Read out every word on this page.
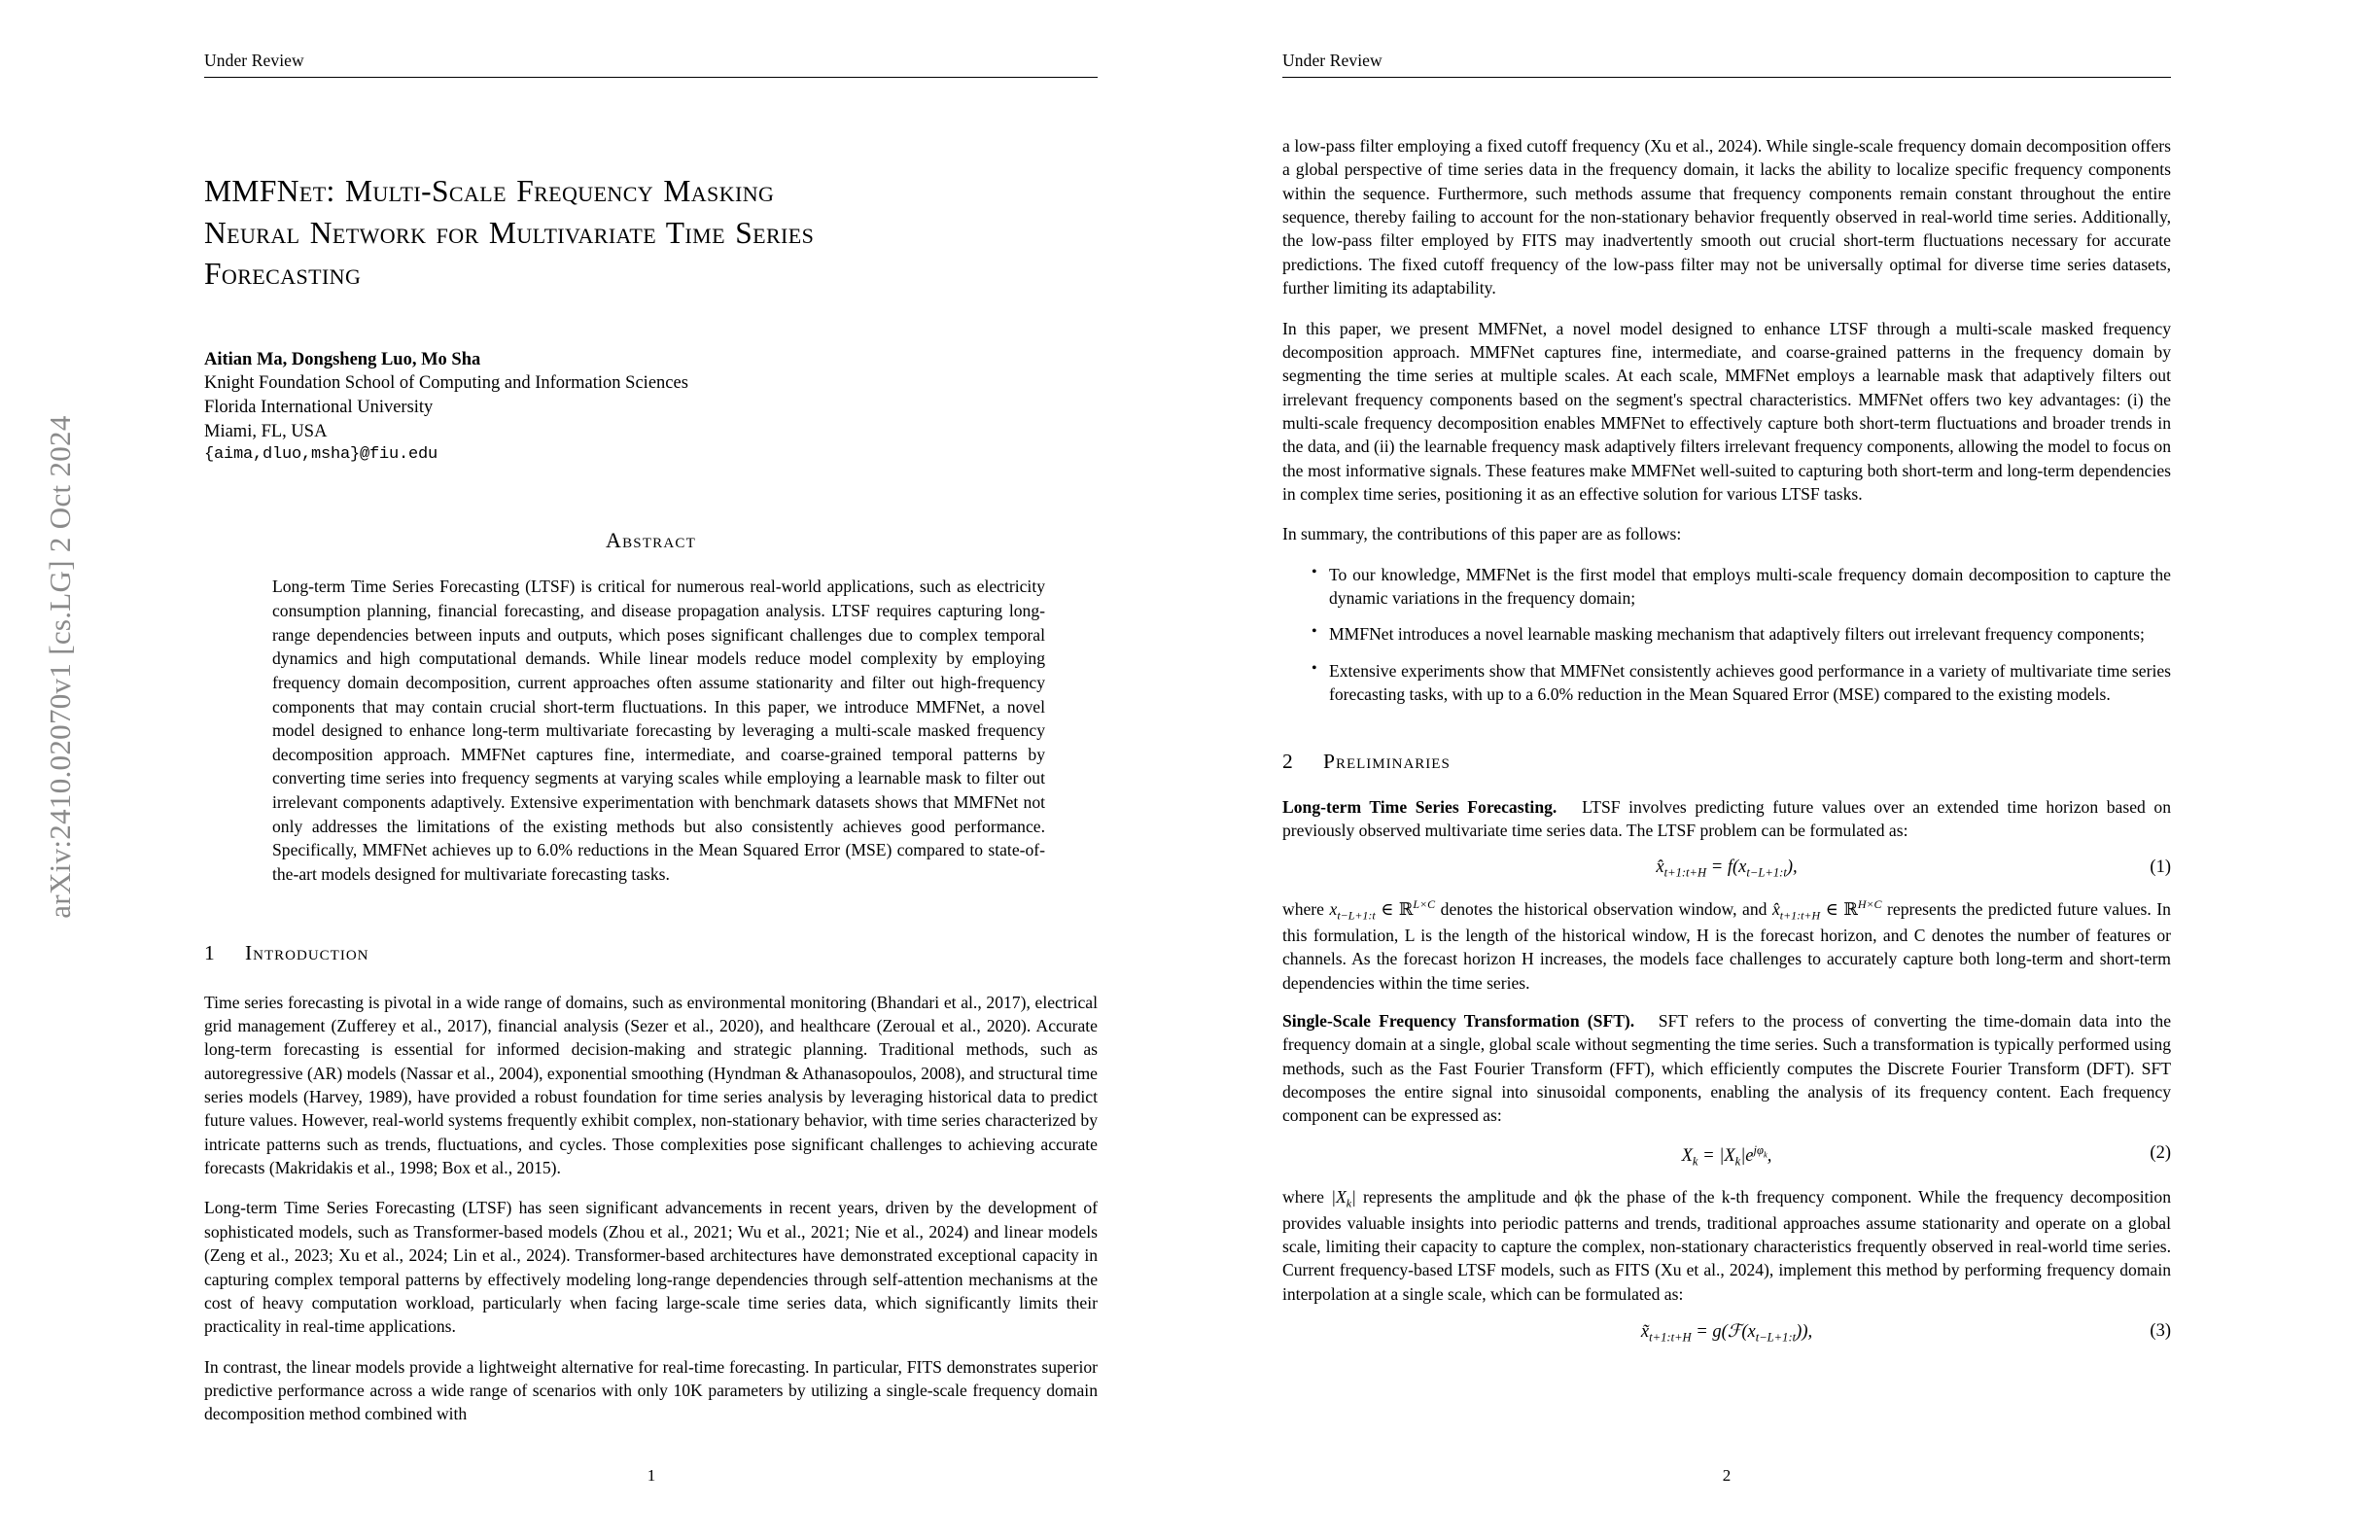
arXiv:2410.02070v1 [cs.LG] 2 Oct 2024
Under Review
MMFNet: Multi-Scale Frequency Masking
Neural Network for Multivariate Time Series
Forecasting
Aitian Ma, Dongsheng Luo, Mo Sha
Knight Foundation School of Computing and Information Sciences
Florida International University
Miami, FL, USA
{aima,dluo,msha}@fiu.edu
Abstract
Long-term Time Series Forecasting (LTSF) is critical for numerous real-world applications, such as electricity consumption planning, financial forecasting, and disease propagation analysis. LTSF requires capturing long-range dependencies between inputs and outputs, which poses significant challenges due to complex temporal dynamics and high computational demands. While linear models reduce model complexity by employing frequency domain decomposition, current approaches often assume stationarity and filter out high-frequency components that may contain crucial short-term fluctuations. In this paper, we introduce MMFNet, a novel model designed to enhance long-term multivariate forecasting by leveraging a multi-scale masked frequency decomposition approach. MMFNet captures fine, intermediate, and coarse-grained temporal patterns by converting time series into frequency segments at varying scales while employing a learnable mask to filter out irrelevant components adaptively. Extensive experimentation with benchmark datasets shows that MMFNet not only addresses the limitations of the existing methods but also consistently achieves good performance. Specifically, MMFNet achieves up to 6.0% reductions in the Mean Squared Error (MSE) compared to state-of-the-art models designed for multivariate forecasting tasks.
1 Introduction

Time series forecasting is pivotal in a wide range of domains, such as environmental monitoring (Bhandari et al., 2017), electrical grid management (Zufferey et al., 2017), financial analysis (Sezer et al., 2020), and healthcare (Zeroual et al., 2020). Accurate long-term forecasting is essential for informed decision-making and strategic planning. Traditional methods, such as autoregressive (AR) models (Nassar et al., 2004), exponential smoothing (Hyndman & Athanasopoulos, 2008), and structural time series models (Harvey, 1989), have provided a robust foundation for time series analysis by leveraging historical data to predict future values. However, real-world systems frequently exhibit complex, non-stationary behavior, with time series characterized by intricate patterns such as trends, fluctuations, and cycles. Those complexities pose significant challenges to achieving accurate forecasts (Makridakis et al., 1998; Box et al., 2015).

Long-term Time Series Forecasting (LTSF) has seen significant advancements in recent years, driven by the development of sophisticated models, such as Transformer-based models (Zhou et al., 2021; Wu et al., 2021; Nie et al., 2024) and linear models (Zeng et al., 2023; Xu et al., 2024; Lin et al., 2024). Transformer-based architectures have demonstrated exceptional capacity in capturing complex temporal patterns by effectively modeling long-range dependencies through self-attention mechanisms at the cost of heavy computation workload, particularly when facing large-scale time series data, which significantly limits their practicality in real-time applications.

In contrast, the linear models provide a lightweight alternative for real-time forecasting. In particular, FITS demonstrates superior predictive performance across a wide range of scenarios with only 10K parameters by utilizing a single-scale frequency domain decomposition method combined with

1
Under Review

a low-pass filter employing a fixed cutoff frequency (Xu et al., 2024). While single-scale frequency domain decomposition offers a global perspective of time series data in the frequency domain, it lacks the ability to localize specific frequency components within the sequence. Furthermore, such methods assume that frequency components remain constant throughout the entire sequence, thereby failing to account for the non-stationary behavior frequently observed in real-world time series. Additionally, the low-pass filter employed by FITS may inadvertently smooth out crucial short-term fluctuations necessary for accurate predictions. The fixed cutoff frequency of the low-pass filter may not be universally optimal for diverse time series datasets, further limiting its adaptability.

In this paper, we present MMFNet, a novel model designed to enhance LTSF through a multi-scale masked frequency decomposition approach. MMFNet captures fine, intermediate, and coarse-grained patterns in the frequency domain by segmenting the time series at multiple scales. At each scale, MMFNet employs a learnable mask that adaptively filters out irrelevant frequency components based on the segment's spectral characteristics. MMFNet offers two key advantages: (i) the multi-scale frequency decomposition enables MMFNet to effectively capture both short-term fluctuations and broader trends in the data, and (ii) the learnable frequency mask adaptively filters irrelevant frequency components, allowing the model to focus on the most informative signals. These features make MMFNet well-suited to capturing both short-term and long-term dependencies in complex time series, positioning it as an effective solution for various LTSF tasks.

In summary, the contributions of this paper are as follows:

• To our knowledge, MMFNet is the first model that employs multi-scale frequency domain decomposition to capture the dynamic variations in the frequency domain;
• MMFNet introduces a novel learnable masking mechanism that adaptively filters out irrelevant frequency components;
• Extensive experiments show that MMFNet consistently achieves good performance in a variety of multivariate time series forecasting tasks, with up to a 6.0% reduction in the Mean Squared Error (MSE) compared to the existing models.
2 Preliminaries

Long-term Time Series Forecasting. LTSF involves predicting future values over an extended time horizon based on previously observed multivariate time series data. The LTSF problem can be formulated as:

$x̂_{t+1:t+H} = f(x_{t-L+1:t})$,	(1)

where $x_{t-L+1:t}$ ∈ ℝ$^{L\times C}$ denotes the historical observation window, and $x̂_{t+1:t+H}$ ∈ ℝ$^{H\times C}$ represents the predicted future values. In this formulation, L is the length of the historical window, H is the forecast horizon, and C denotes the number of features or channels. As the forecast horizon H increases, the models face challenges to accurately capture both long-term and short-term dependencies within the time series.

Single-Scale Frequency Transformation (SFT). SFT refers to the process of converting the time-domain data into the frequency domain at a single, global scale without segmenting the time series. Such a transformation is typically performed using methods, such as the Fast Fourier Transform (FFT), which efficiently computes the Discrete Fourier Transform (DFT). SFT decomposes the entire signal into sinusoidal components, enabling the analysis of its frequency content. Each frequency component can be expressed as:

$X_k = |X_k|e^{j\varphi_k}$,	(2)

where $|X_k|$ represents the amplitude and ϕk the phase of the k-th frequency component. While the frequency decomposition provides valuable insights into periodic patterns and trends, traditional approaches assume stationarity and operate on a global scale, limiting their capacity to capture the complex, non-stationary characteristics frequently observed in real-world time series. Current frequency-based LTSF models, such as FITS (Xu et al., 2024), implement this method by performing frequency domain interpolation at a single scale, which can be formulated as:

$x̃_{t+1:t+H}$ = $g(ℱ(x_{t-L+1:t}))$,	(3)
2
